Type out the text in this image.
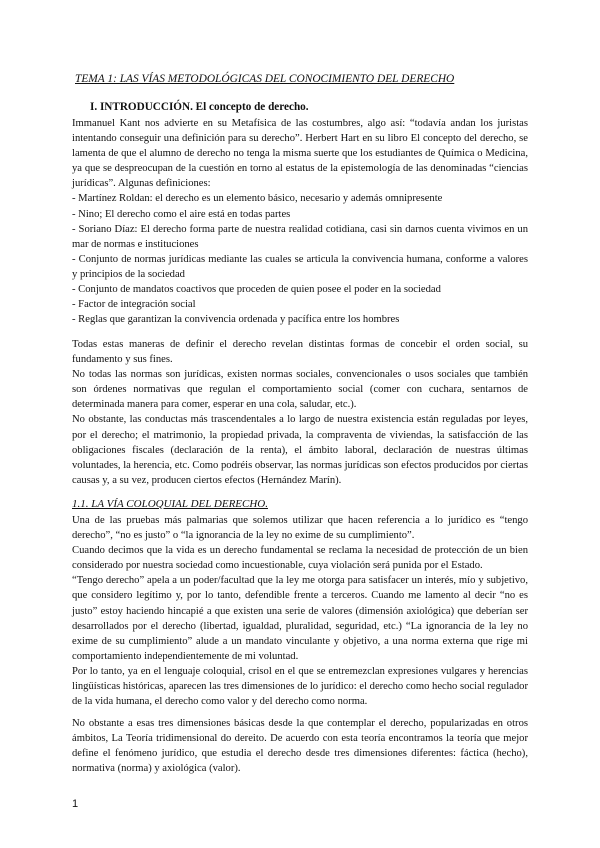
TEMA 1: LAS VÍAS METODOLÓGICAS DEL CONOCIMIENTO DEL DERECHO
I. INTRODUCCIÓN. El concepto de derecho.

Immanuel Kant nos advierte en su Metafísica de las costumbres, algo así: “todavía andan los juristas intentando conseguir una definición para su derecho”. Herbert Hart en su libro El concepto del derecho, se lamenta de que el alumno de derecho no tenga la misma suerte que los estudiantes de Química o Medicina, ya que se despreocupan de la cuestión en torno al estatus de la epistemología de las denominadas “ciencias jurídicas”. Algunas definiciones:

- Martínez Roldan: el derecho es un elemento básico, necesario y además omnipresente

- Nino; El derecho como el aire está en todas partes

- Soriano Díaz: El derecho forma parte de nuestra realidad cotidiana, casi sin darnos cuenta vivimos en un mar de normas e instituciones

- Conjunto de normas jurídicas mediante las cuales se articula la convivencia humana, conforme a valores y principios de la sociedad

- Conjunto de mandatos coactivos que proceden de quien posee el poder en la sociedad

- Factor de integración social

- Reglas que garantizan la convivencia ordenada y pacífica entre los hombres

Todas estas maneras de definir el derecho revelan distintas formas de concebir el orden social, su fundamento y sus fines.

No todas las normas son jurídicas, existen normas sociales, convencionales o usos sociales que también son órdenes normativas que regulan el comportamiento social (comer con cuchara, sentarnos de determinada manera para comer, esperar en una cola, saludar, etc.).

No obstante, las conductas más trascendentales a lo largo de nuestra existencia están reguladas por leyes, por el derecho; el matrimonio, la propiedad privada, la compraventa de viviendas, la satisfacción de las obligaciones fiscales (declaración de la renta), el ámbito laboral, declaración de nuestras últimas voluntades, la herencia, etc. Como podréis observar, las normas jurídicas son efectos producidos por ciertas causas y, a su vez, producen ciertos efectos (Hernández Marín).

1.1. LA VÍA COLOQUIAL DEL DERECHO.

Una de las pruebas más palmarias que solemos utilizar que hacen referencia a lo jurídico es “tengo derecho”, “no es justo” o “la ignorancia de la ley no exime de su cumplimiento”.

Cuando decimos que la vida es un derecho fundamental se reclama la necesidad de protección de un bien considerado por nuestra sociedad como incuestionable, cuya violación será punida por el Estado.

“Tengo derecho” apela a un poder/facultad que la ley me otorga para satisfacer un interés, mío y subjetivo, que considero legítimo y, por lo tanto, defendible frente a terceros. Cuando me lamento al decir “no es justo” estoy haciendo hincapié a que existen una serie de valores (dimensión axiológica) que deberían ser desarrollados por el derecho (libertad, igualdad, pluralidad, seguridad, etc.) “La ignorancia de la ley no exime de su cumplimiento” alude a un mandato vinculante y objetivo, a una norma externa que rige mi comportamiento independientemente de mi voluntad.

Por lo tanto, ya en el lenguaje coloquial, crisol en el que se entremezclan expresiones vulgares y herencias lingüísticas históricas, aparecen las tres dimensiones de lo jurídico: el derecho como hecho social regulador de la vida humana, el derecho como valor y del derecho como norma.

No obstante a esas tres dimensiones básicas desde la que contemplar el derecho, popularizadas en otros ámbitos, La Teoría tridimensional do dereito. De acuerdo con esta teoría encontramos la teoría que mejor define el fenómeno jurídico, que estudia el derecho desde tres dimensiones diferentes: fáctica (hecho), normativa (norma) y axiológica (valor).

1
